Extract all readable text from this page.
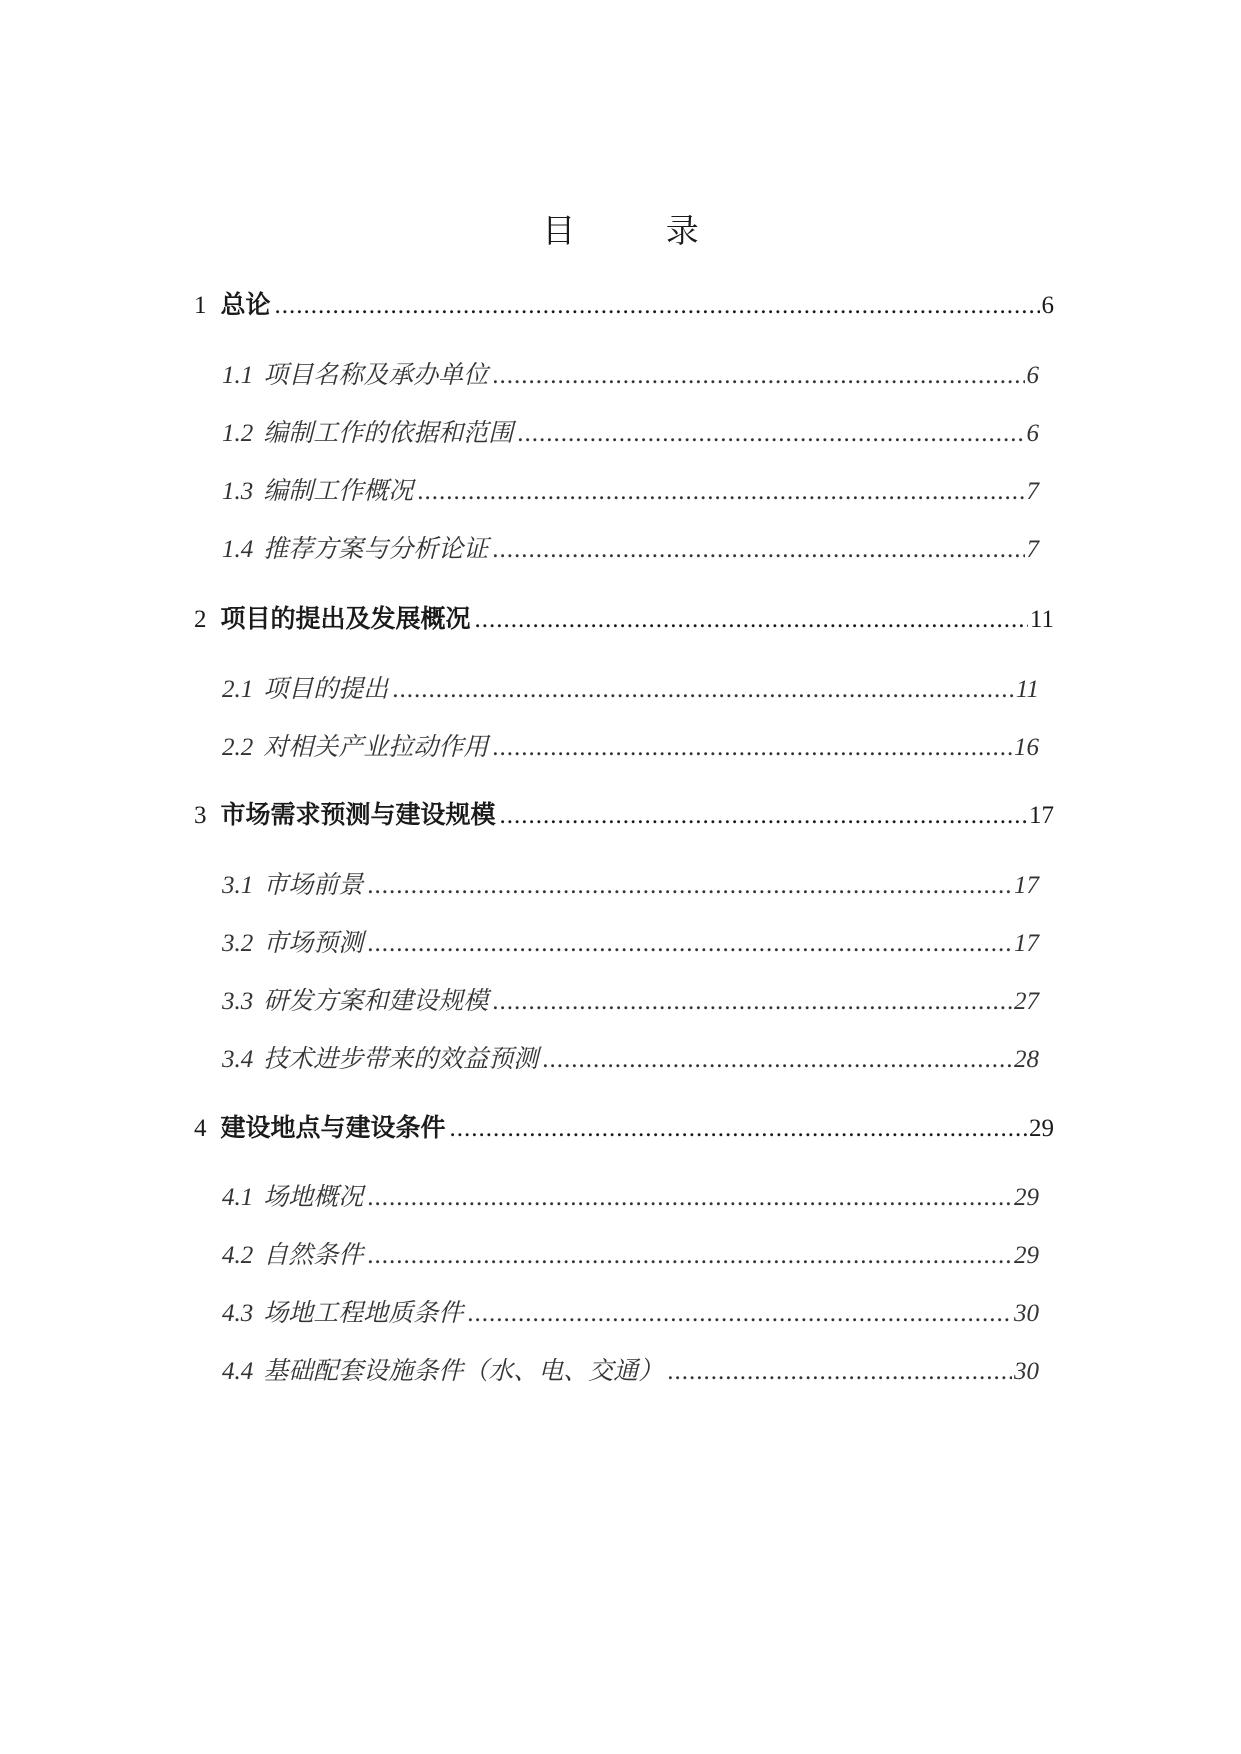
目 录
1 总论 .....	6
1.1 项目名称及承办单位 .....	6
1.2 编制工作的依据和范围 .....	6
1.3 编制工作概况 .....	7
1.4 推荐方案与分析论证 .....	7
2 项目的提出及发展概况 .....	11
2.1 项目的提出 .....	11
2.2 对相关产业拉动作用 .....	16
3 市场需求预测与建设规模 .....	17
3.1 市场前景 .....	17
3.2 市场预测 .....	17
3.3 研发方案和建设规模 .....	27
3.4 技术进步带来的效益预测 .....	28
4 建设地点与建设条件 .....	29
4.1 场地概况 .....	29
4.2 自然条件 .....	29
4.3 场地工程地质条件 .....	30
4.4 基础配套设施条件（水、电、交通） .....	30
